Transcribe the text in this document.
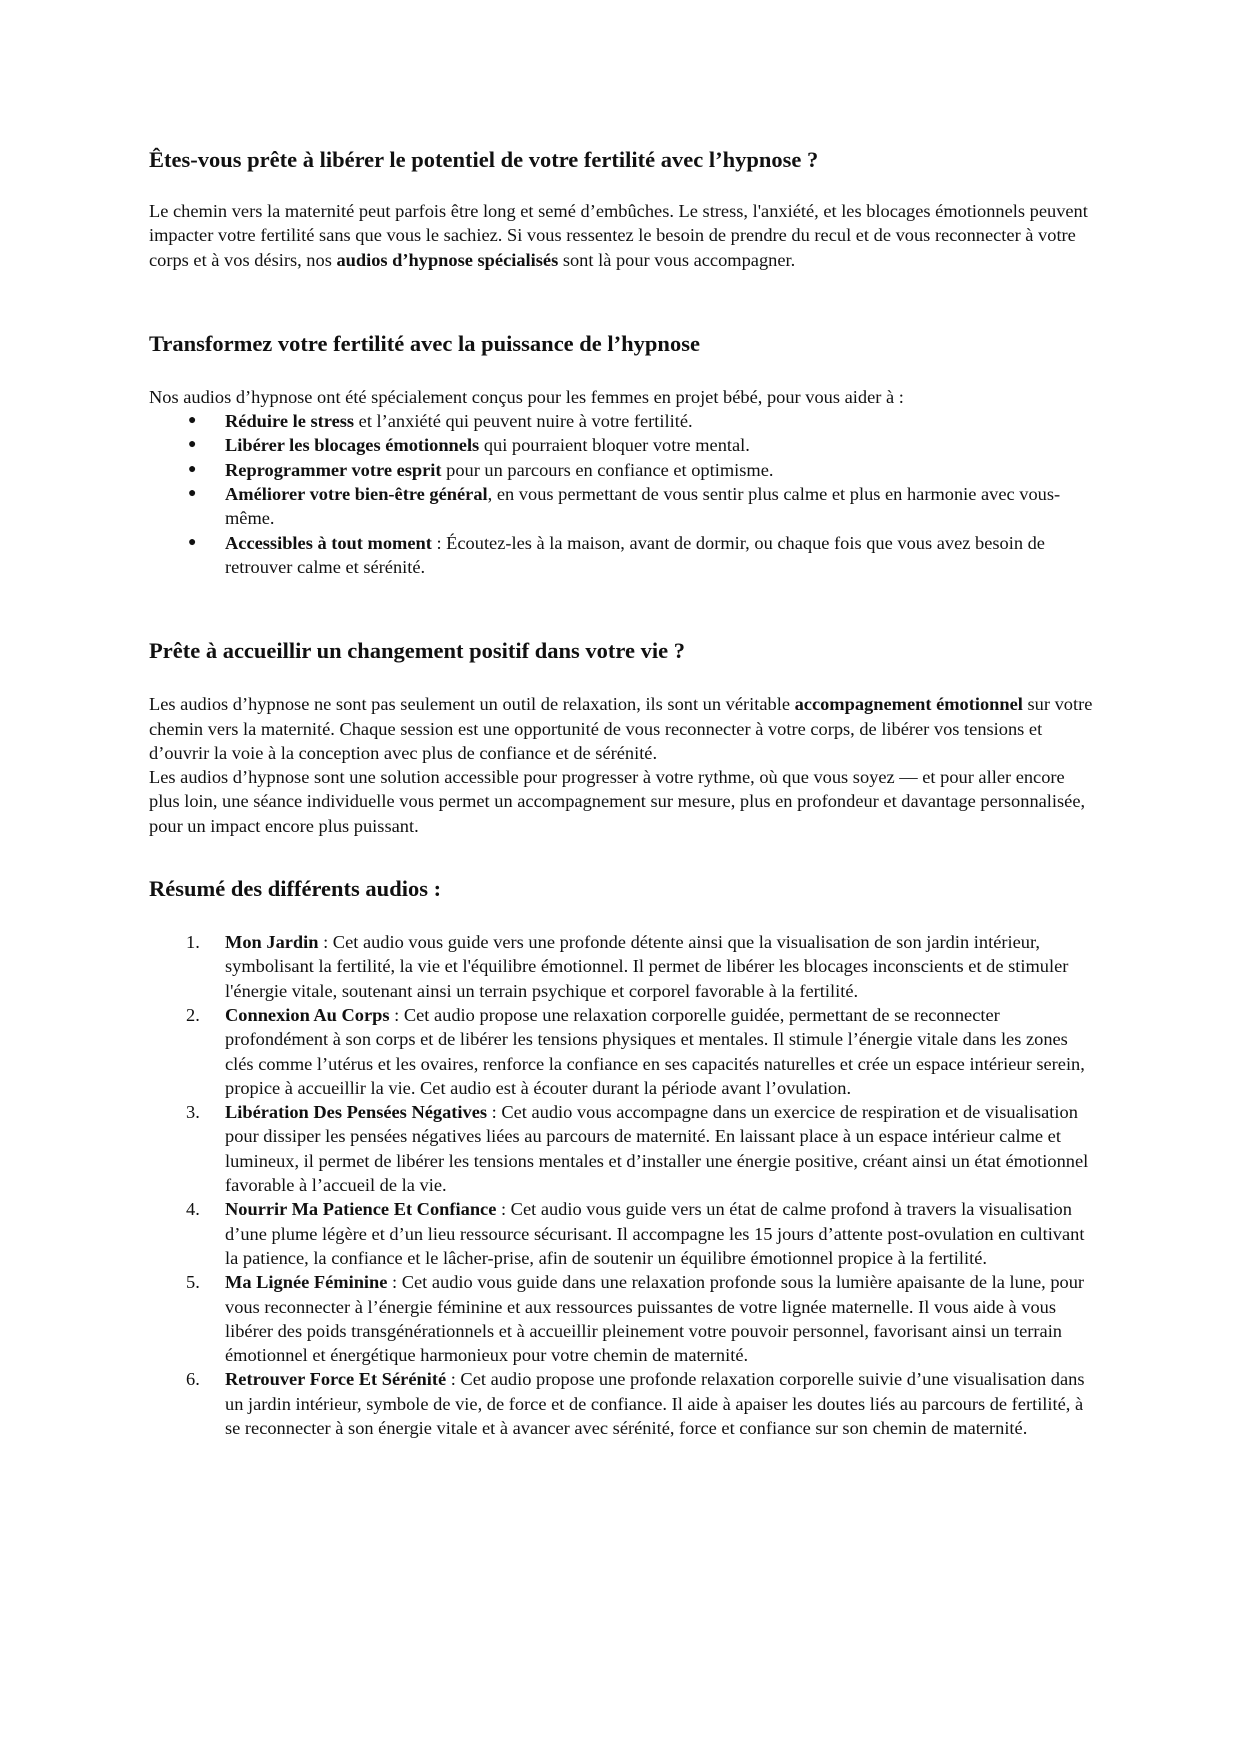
Êtes-vous prête à libérer le potentiel de votre fertilité avec l’hypnose ?

Le chemin vers la maternité peut parfois être long et semé d’embûches. Le stress, l'anxiété, et les blocages émotionnels peuvent impacter votre fertilité sans que vous le sachiez. Si vous ressentez le besoin de prendre du recul et de vous reconnecter à votre corps et à vos désirs, nos audios d’hypnose spécialisés sont là pour vous accompagner.

Transformez votre fertilité avec la puissance de l’hypnose

Nos audios d’hypnose ont été spécialement conçus pour les femmes en projet bébé, pour vous aider à :

● Réduire le stress et l’anxiété qui peuvent nuire à votre fertilité.
● Libérer les blocages émotionnels qui pourraient bloquer votre mental.
● Reprogrammer votre esprit pour un parcours en confiance et optimisme.
● Améliorer votre bien-être général, en vous permettant de vous sentir plus calme et plus en harmonie avec vous-même.
● Accessibles à tout moment : Écoutez-les à la maison, avant de dormir, ou chaque fois que vous avez besoin de retrouver calme et sérénité.
Prête à accueillir un changement positif dans votre vie ?

Les audios d’hypnose ne sont pas seulement un outil de relaxation, ils sont un véritable accompagnement émotionnel sur votre chemin vers la maternité. Chaque session est une opportunité de vous reconnecter à votre corps, de libérer vos tensions et d’ouvrir la voie à la conception avec plus de confiance et de sérénité.

Les audios d’hypnose sont une solution accessible pour progresser à votre rythme, où que vous soyez — et pour aller encore plus loin, une séance individuelle vous permet un accompagnement sur mesure, plus en profondeur et davantage personnalisée, pour un impact encore plus puissant.

Résumé des différents audios :
1. Mon Jardin : Cet audio vous guide vers une profonde détente ainsi que la visualisation de son jardin intérieur, symbolisant la fertilité, la vie et l'équilibre émotionnel. Il permet de libérer les blocages inconscients et de stimuler l'énergie vitale, soutenant ainsi un terrain psychique et corporel favorable à la fertilité.
2. Connexion Au Corps : Cet audio propose une relaxation corporelle guidée, permettant de se reconnecter profondément à son corps et de libérer les tensions physiques et mentales. Il stimule l’énergie vitale dans les zones clés comme l’utérus et les ovaires, renforce la confiance en ses capacités naturelles et crée un espace intérieur serein, propice à accueillir la vie. Cet audio est à écouter durant la période avant l’ovulation.
3. Libération Des Pensées Négatives : Cet audio vous accompagne dans un exercice de respiration et de visualisation pour dissiper les pensées négatives liées au parcours de maternité. En laissant place à un espace intérieur calme et lumineux, il permet de libérer les tensions mentales et d’installer une énergie positive, créant ainsi un état émotionnel favorable à l’accueil de la vie.
4. Nourrir Ma Patience Et Confiance : Cet audio vous guide vers un état de calme profond à travers la visualisation d’une plume légère et d’un lieu ressource sécurisant. Il accompagne les 15 jours d’attente post-ovulation en cultivant la patience, la confiance et le lâcher-prise, afin de soutenir un équilibre émotionnel propice à la fertilité.
5. Ma Lignée Féminine : Cet audio vous guide dans une relaxation profonde sous la lumière apaisante de la lune, pour vous reconnecter à l’énergie féminine et aux ressources puissantes de votre lignée maternelle. Il vous aide à vous libérer des poids transgénérationnels et à accueillir pleinement votre pouvoir personnel, favorisant ainsi un terrain émotionnel et énergétique harmonieux pour votre chemin de maternité.
6. Retrouver Force Et Sérénité : Cet audio propose une profonde relaxation corporelle suivie d’une visualisation dans un jardin intérieur, symbole de vie, de force et de confiance. Il aide à apaiser les doutes liés au parcours de fertilité, à se reconnecter à son énergie vitale et à avancer avec sérénité, force et confiance sur son chemin de maternité.
